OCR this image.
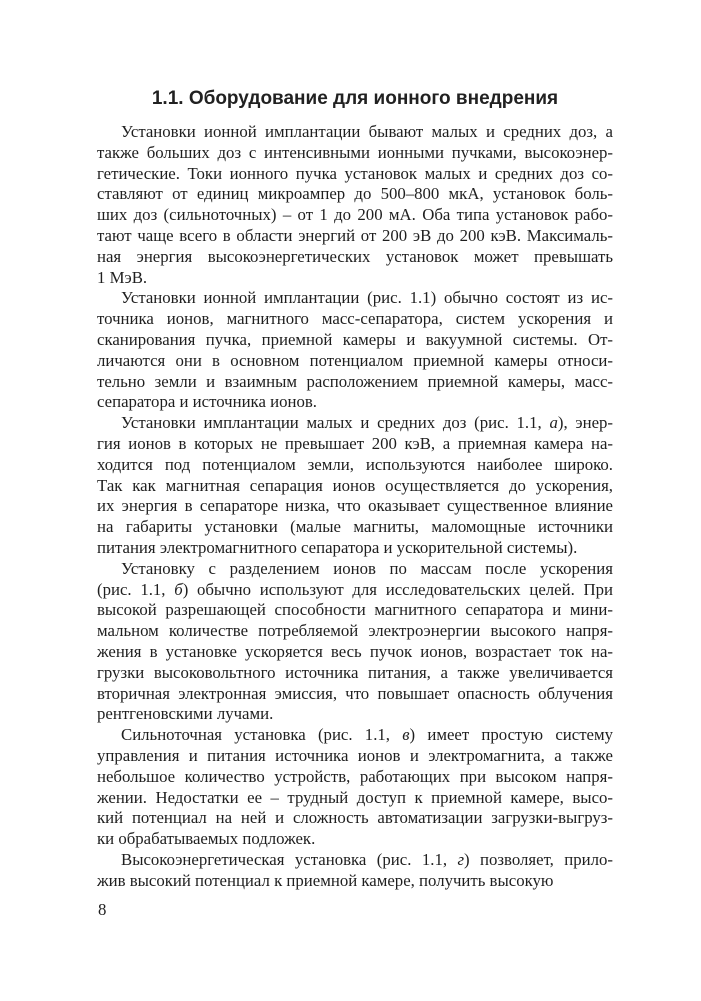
1.1. Оборудование для ионного внедрения
Установки ионной имплантации бывают малых и средних доз, а
также больших доз с интенсивными ионными пучками, высокоэнер-
гетические. Токи ионного пучка установок малых и средних доз со-
ставляют от единиц микроампер до 500–800 мкА, установок боль-
ших доз (сильноточных) – от 1 до 200 мА. Оба типа установок рабо-
тают чаще всего в области энергий от 200 эВ до 200 кэВ. Максималь-
ная энергия высокоэнергетических установок может превышать
1 МэВ.
Установки ионной имплантации (рис. 1.1) обычно состоят из ис-
точника ионов, магнитного масс-сепаратора, систем ускорения и
сканирования пучка, приемной камеры и вакуумной системы. От-
личаются они в основном потенциалом приемной камеры относи-
тельно земли и взаимным расположением приемной камеры, масс-
сепаратора и источника ионов.
Установки имплантации малых и средних доз (рис. 1.1, а), энер-
гия ионов в которых не превышает 200 кэВ, а приемная камера на-
ходится под потенциалом земли, используются наиболее широко.
Так как магнитная сепарация ионов осуществляется до ускорения,
их энергия в сепараторе низка, что оказывает существенное влияние
на габариты установки (малые магниты, маломощные источники
питания электромагнитного сепаратора и ускорительной системы).
Установку с разделением ионов по массам после ускорения
(рис. 1.1, б) обычно используют для исследовательских целей. При
высокой разрешающей способности магнитного сепаратора и мини-
мальном количестве потребляемой электроэнергии высокого напря-
жения в установке ускоряется весь пучок ионов, возрастает ток на-
грузки высоковольтного источника питания, а также увеличивается
вторичная электронная эмиссия, что повышает опасность облучения
рентгеновскими лучами.
Сильноточная установка (рис. 1.1, в) имеет простую систему
управления и питания источника ионов и электромагнита, а также
небольшое количество устройств, работающих при высоком напря-
жении. Недостатки ее – трудный доступ к приемной камере, высо-
кий потенциал на ней и сложность автоматизации загрузки-выгруз-
ки обрабатываемых подложек.
Высокоэнергетическая установка (рис. 1.1, г) позволяет, прило-
жив высокий потенциал к приемной камере, получить высокую
8
